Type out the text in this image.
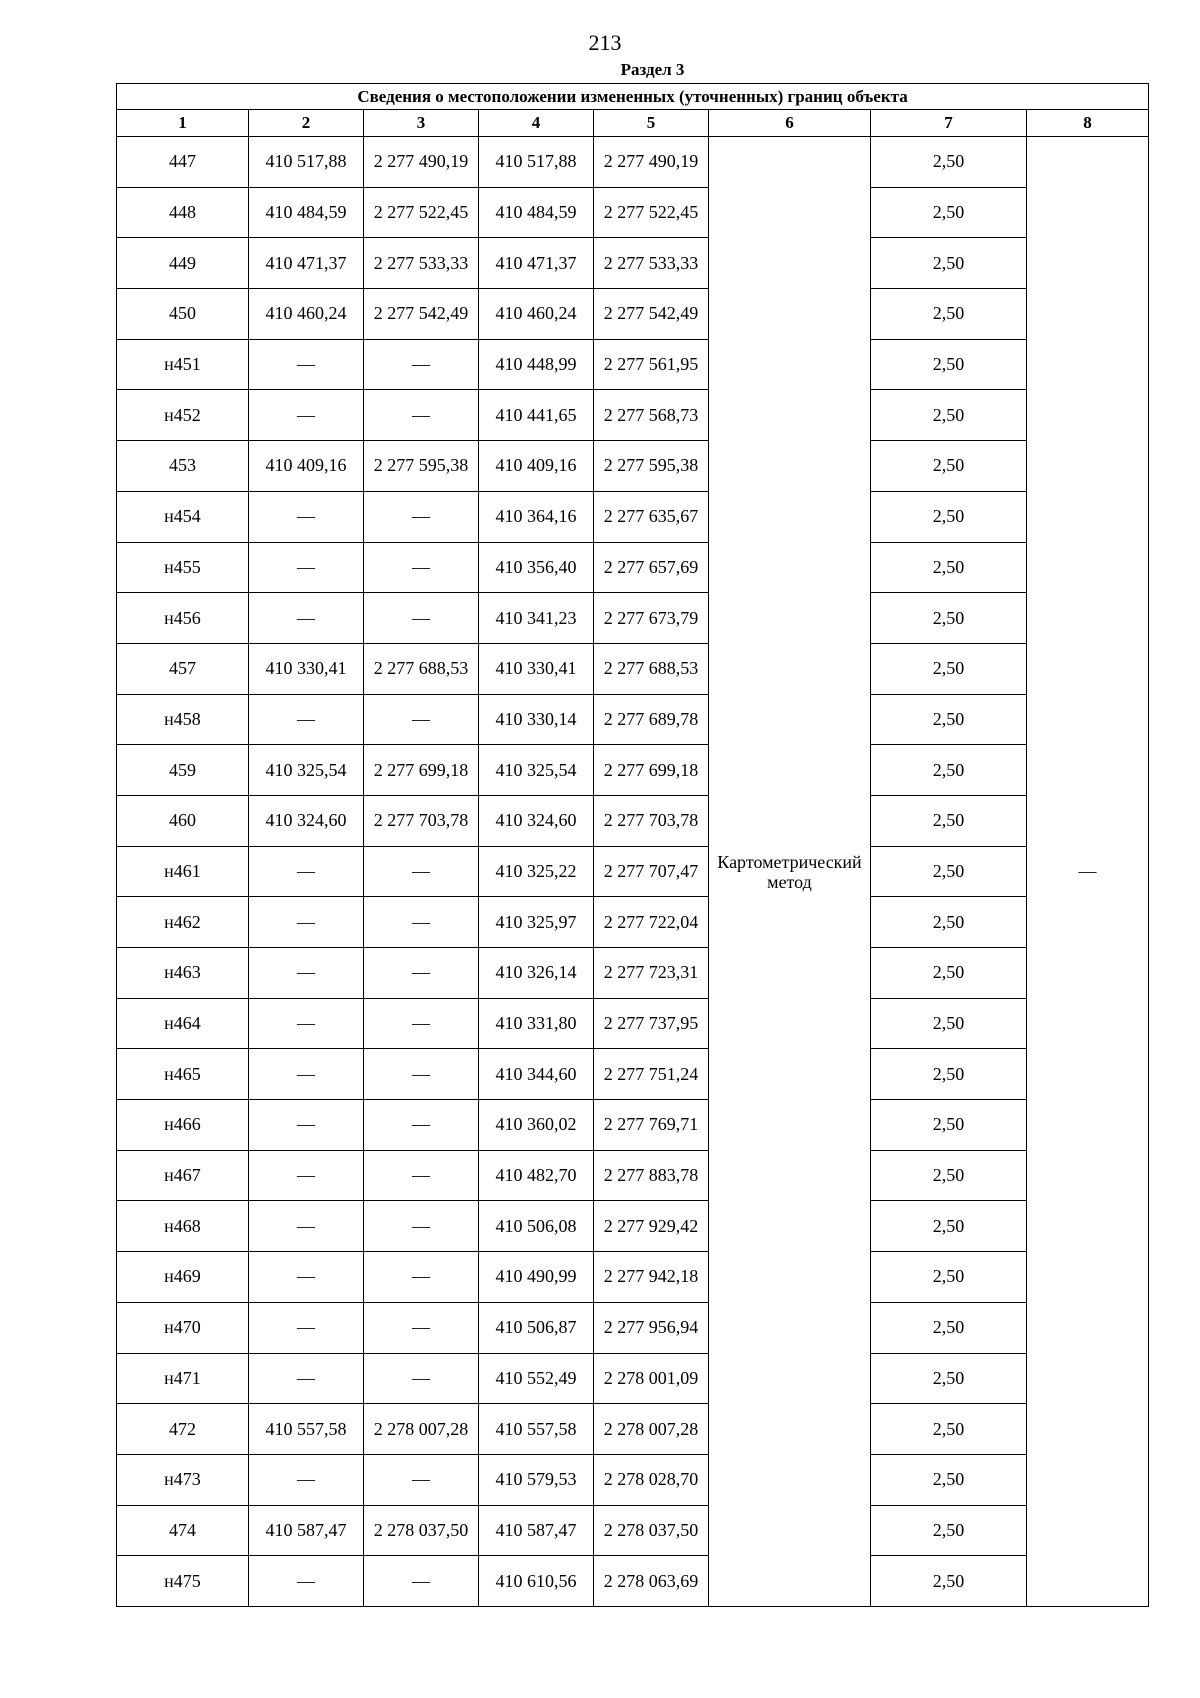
213
Раздел 3
Сведения о местоположении измененных (уточненных) границ объекта							
1	2	3	4	5	6	7	8
447	410 517,88	2 277 490,19	410 517,88	2 277 490,19	Картометрический метод	2,50	—
448	410 484,59	2 277 522,45	410 484,59	2 277 522,45		2,50	
449	410 471,37	2 277 533,33	410 471,37	2 277 533,33		2,50	
450	410 460,24	2 277 542,49	410 460,24	2 277 542,49		2,50	
н451	—	—	410 448,99	2 277 561,95		2,50	
н452	—	—	410 441,65	2 277 568,73		2,50	
453	410 409,16	2 277 595,38	410 409,16	2 277 595,38		2,50	
н454	—	—	410 364,16	2 277 635,67		2,50	
н455	—	—	410 356,40	2 277 657,69		2,50	
н456	—	—	410 341,23	2 277 673,79		2,50	
457	410 330,41	2 277 688,53	410 330,41	2 277 688,53		2,50	
н458	—	—	410 330,14	2 277 689,78		2,50	
459	410 325,54	2 277 699,18	410 325,54	2 277 699,18		2,50	
460	410 324,60	2 277 703,78	410 324,60	2 277 703,78		2,50	
н461	—	—	410 325,22	2 277 707,47		2,50	
н462	—	—	410 325,97	2 277 722,04		2,50	
н463	—	—	410 326,14	2 277 723,31		2,50	
н464	—	—	410 331,80	2 277 737,95		2,50	
н465	—	—	410 344,60	2 277 751,24		2,50	
н466	—	—	410 360,02	2 277 769,71		2,50	
н467	—	—	410 482,70	2 277 883,78		2,50	
н468	—	—	410 506,08	2 277 929,42		2,50	
н469	—	—	410 490,99	2 277 942,18		2,50	
н470	—	—	410 506,87	2 277 956,94		2,50	
н471	—	—	410 552,49	2 278 001,09		2,50	
472	410 557,58	2 278 007,28	410 557,58	2 278 007,28		2,50	
н473	—	—	410 579,53	2 278 028,70		2,50	
474	410 587,47	2 278 037,50	410 587,47	2 278 037,50		2,50	
н475	—	—	410 610,56	2 278 063,69		2,50	
